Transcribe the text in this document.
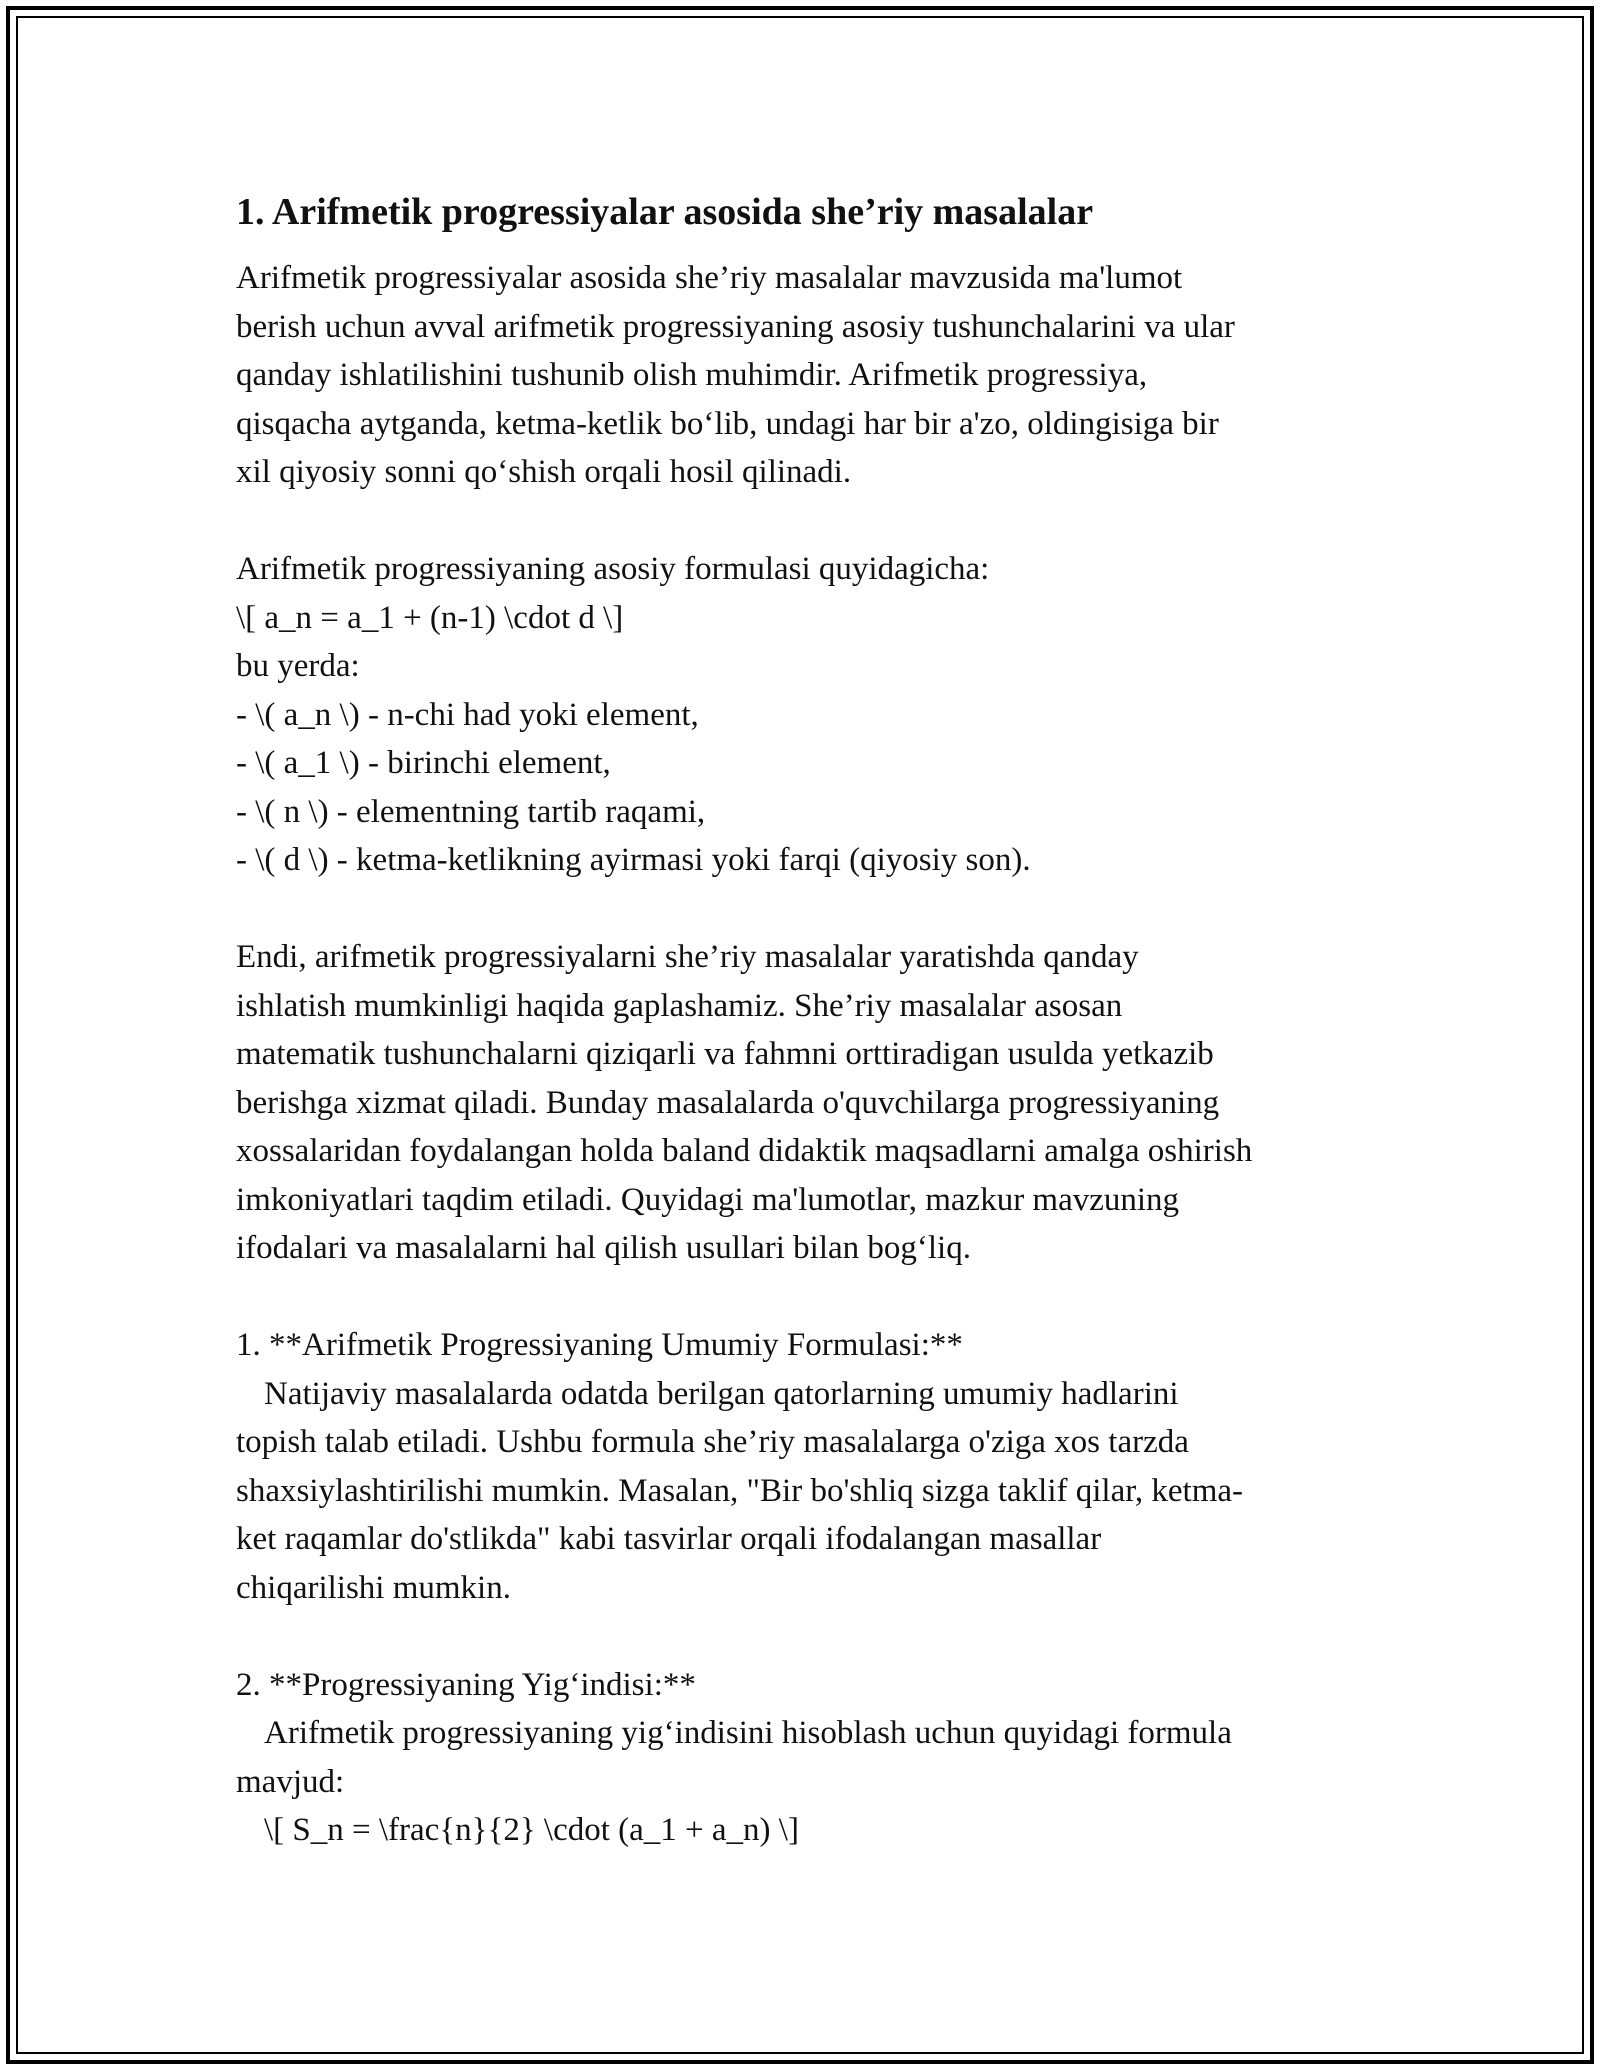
1. Arifmetik progressiyalar asosida she’riy masalalar
Arifmetik progressiyalar asosida she’riy masalalar mavzusida ma'lumot
berish uchun avval arifmetik progressiyaning asosiy tushunchalarini va ular
qanday ishlatilishini tushunib olish muhimdir. Arifmetik progressiya,
qisqacha aytganda, ketma-ketlik bo‘lib, undagi har bir a'zo, oldingisiga bir
xil qiyosiy sonni qo‘shish orqali hosil qilinadi.
Arifmetik progressiyaning asosiy formulasi quyidagicha:
\[ a_n = a_1 + (n-1) \cdot d \]
bu yerda:
- \( a_n \) - n-chi had yoki element,
- \( a_1 \) - birinchi element,
- \( n \) - elementning tartib raqami,
- \( d \) - ketma-ketlikning ayirmasi yoki farqi (qiyosiy son).
Endi, arifmetik progressiyalarni she’riy masalalar yaratishda qanday
ishlatish mumkinligi haqida gaplashamiz. She’riy masalalar asosan
matematik tushunchalarni qiziqarli va fahmni orttiradigan usulda yetkazib
berishga xizmat qiladi. Bunday masalalarda o'quvchilarga progressiyaning
xossalaridan foydalangan holda baland didaktik maqsadlarni amalga oshirish
imkoniyatlari taqdim etiladi. Quyidagi ma'lumotlar, mazkur mavzuning
ifodalari va masalalarni hal qilish usullari bilan bog‘liq.
1. **Arifmetik Progressiyaning Umumiy Formulasi:**
Natijaviy masalalarda odatda berilgan qatorlarning umumiy hadlarini
topish talab etiladi. Ushbu formula she’riy masalalarga o'ziga xos tarzda
shaxsiylashtirilishi mumkin. Masalan, "Bir bo'shliq sizga taklif qilar, ketma-
ket raqamlar do'stlikda" kabi tasvirlar orqali ifodalangan masallar
chiqarilishi mumkin.
2. **Progressiyaning Yig‘indisi:**
Arifmetik progressiyaning yig‘indisini hisoblash uchun quyidagi formula
mavjud:
\[ S_n = \frac{n}{2} \cdot (a_1 + a_n) \]
